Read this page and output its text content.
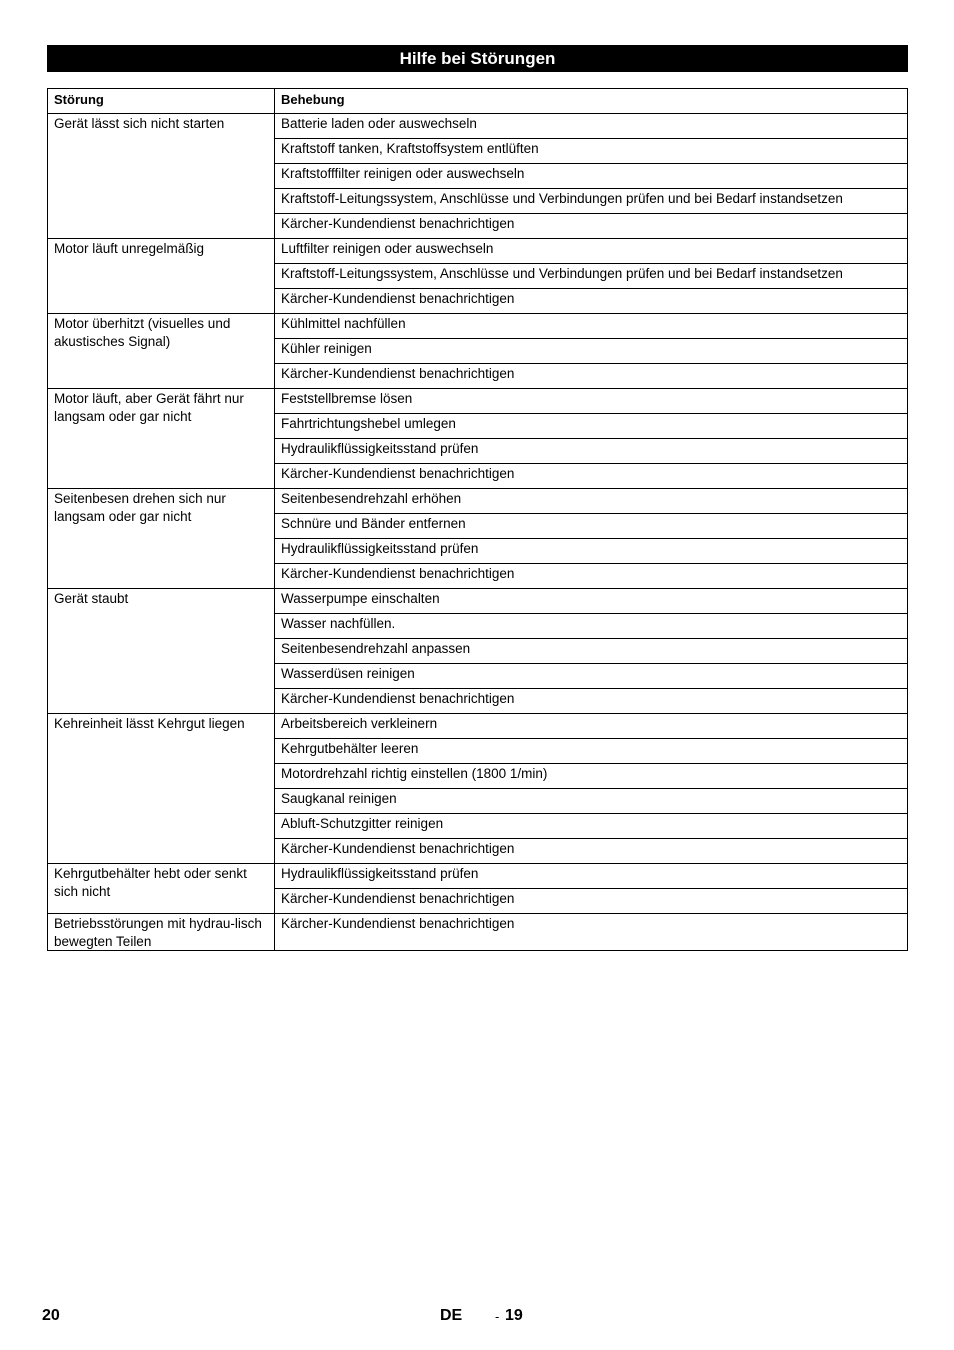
Hilfe bei Störungen
Störung	Behebung
Gerät lässt sich nicht starten	Batterie laden oder auswechseln
	Kraftstoff tanken, Kraftstoffsystem entlüften
	Kraftstofffilter reinigen oder auswechseln
	Kraftstoff-Leitungssystem, Anschlüsse und Verbindungen prüfen und bei Bedarf instandsetzen
	Kärcher-Kundendienst benachrichtigen
Motor läuft unregelmäßig	Luftfilter reinigen oder auswechseln
	Kraftstoff-Leitungssystem, Anschlüsse und Verbindungen prüfen und bei Bedarf instandsetzen
	Kärcher-Kundendienst benachrichtigen
Motor überhitzt (visuelles und akustisches Signal)	Kühlmittel nachfüllen
	Kühler reinigen
	Kärcher-Kundendienst benachrichtigen
Motor läuft, aber Gerät fährt nur langsam oder gar nicht	Feststellbremse lösen
	Fahrtrichtungshebel umlegen
	Hydraulikflüssigkeitsstand prüfen
	Kärcher-Kundendienst benachrichtigen
Seitenbesen drehen sich nur langsam oder gar nicht	Seitenbesendrehzahl erhöhen
	Schnüre und Bänder entfernen
	Hydraulikflüssigkeitsstand prüfen
	Kärcher-Kundendienst benachrichtigen
Gerät staubt	Wasserpumpe einschalten
	Wasser nachfüllen.
	Seitenbesendrehzahl anpassen
	Wasserdüsen reinigen
	Kärcher-Kundendienst benachrichtigen
Kehreinheit lässt Kehrgut liegen	Arbeitsbereich verkleinern
	Kehrgutbehälter leeren
	Motordrehzahl richtig einstellen (1800 1/min)
	Saugkanal reinigen
	Abluft-Schutzgitter reinigen
	Kärcher-Kundendienst benachrichtigen
Kehrgutbehälter hebt oder senkt sich nicht	Hydraulikflüssigkeitsstand prüfen
	Kärcher-Kundendienst benachrichtigen
Betriebsstörungen mit hydrau-lisch bewegten Teilen	Kärcher-Kundendienst benachrichtigen
20	DE	- 19
